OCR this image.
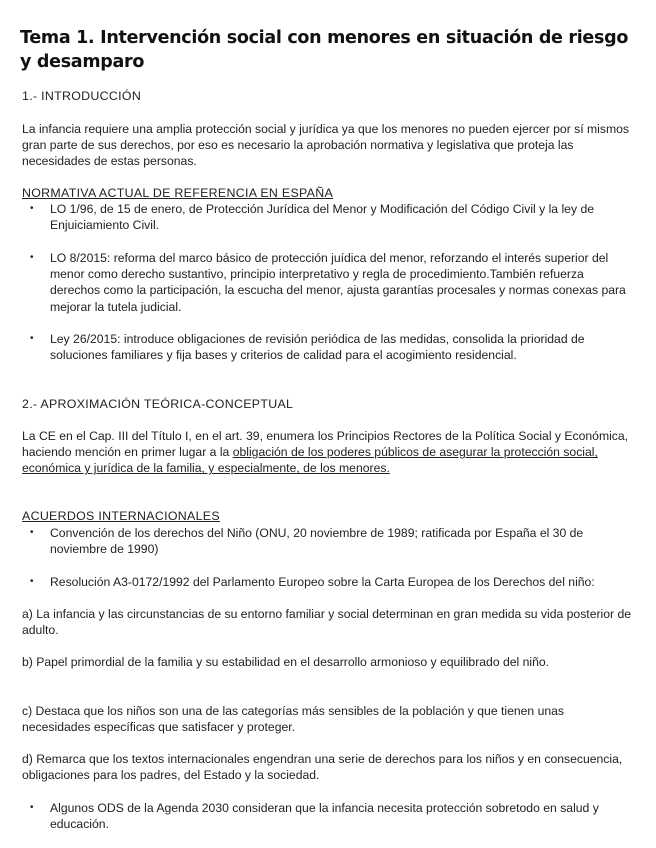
Tema 1. Intervención social con menores en situación de riesgo y desamparo

1.- INTRODUCCIÓN

La infancia requiere una amplia protección social y jurídica ya que los menores no pueden ejercer por sí mismos gran parte de sus derechos, por eso es necesario la aprobación normativa y legislativa que proteja las necesidades de estas personas.

NORMATIVA ACTUAL DE REFERENCIA EN ESPAÑA

•	LO 1/96, de 15 de enero, de Protección Jurídica del Menor y Modificación del Código Civil y la ley de Enjuiciamiento Civil.
•	LO 8/2015: reforma del marco básico de protección juídica del menor, reforzando el interés superior del menor como derecho sustantivo, principio interpretativo y regla de procedimiento.También refuerza derechos como la participación, la escucha del menor, ajusta garantías procesales y normas conexas para mejorar la tutela judicial.
•	Ley 26/2015: introduce obligaciones de revisión periódica de las medidas, consolida la prioridad de soluciones familiares y fija bases y criterios de calidad para el acogimiento residencial.

2.- APROXIMACIÓN TEÓRICA-CONCEPTUAL

La CE en el Cap. III del Título I, en el art. 39, enumera los Principios Rectores de la Política Social y Económica, haciendo mención en primer lugar a la obligación de los poderes públicos de asegurar la protección social, económica y jurídica de la familia, y especialmente, de los menores.

ACUERDOS INTERNACIONALES

•	Convención de los derechos del Niño (ONU, 20 noviembre de 1989; ratificada por España el 30 de noviembre de 1990)
•	Resolución A3-0172/1992 del Parlamento Europeo sobre la Carta Europea de los Derechos del niño:

a) La infancia y las circunstancias de su entorno familiar y social determinan en gran medida su vida posterior de adulto.

b) Papel primordial de la familia y su estabilidad en el desarrollo armonioso y equilibrado del niño.

c) Destaca que los niños son una de las categorías más sensibles de la población y que tienen unas necesidades específicas que satisfacer y proteger.

d) Remarca que los textos internacionales engendran una serie de derechos para los niños y en consecuencia, obligaciones para los padres, del Estado y la sociedad.

•	Algunos ODS de la Agenda 2030 consideran que la infancia necesita protección sobretodo en salud y educación.
